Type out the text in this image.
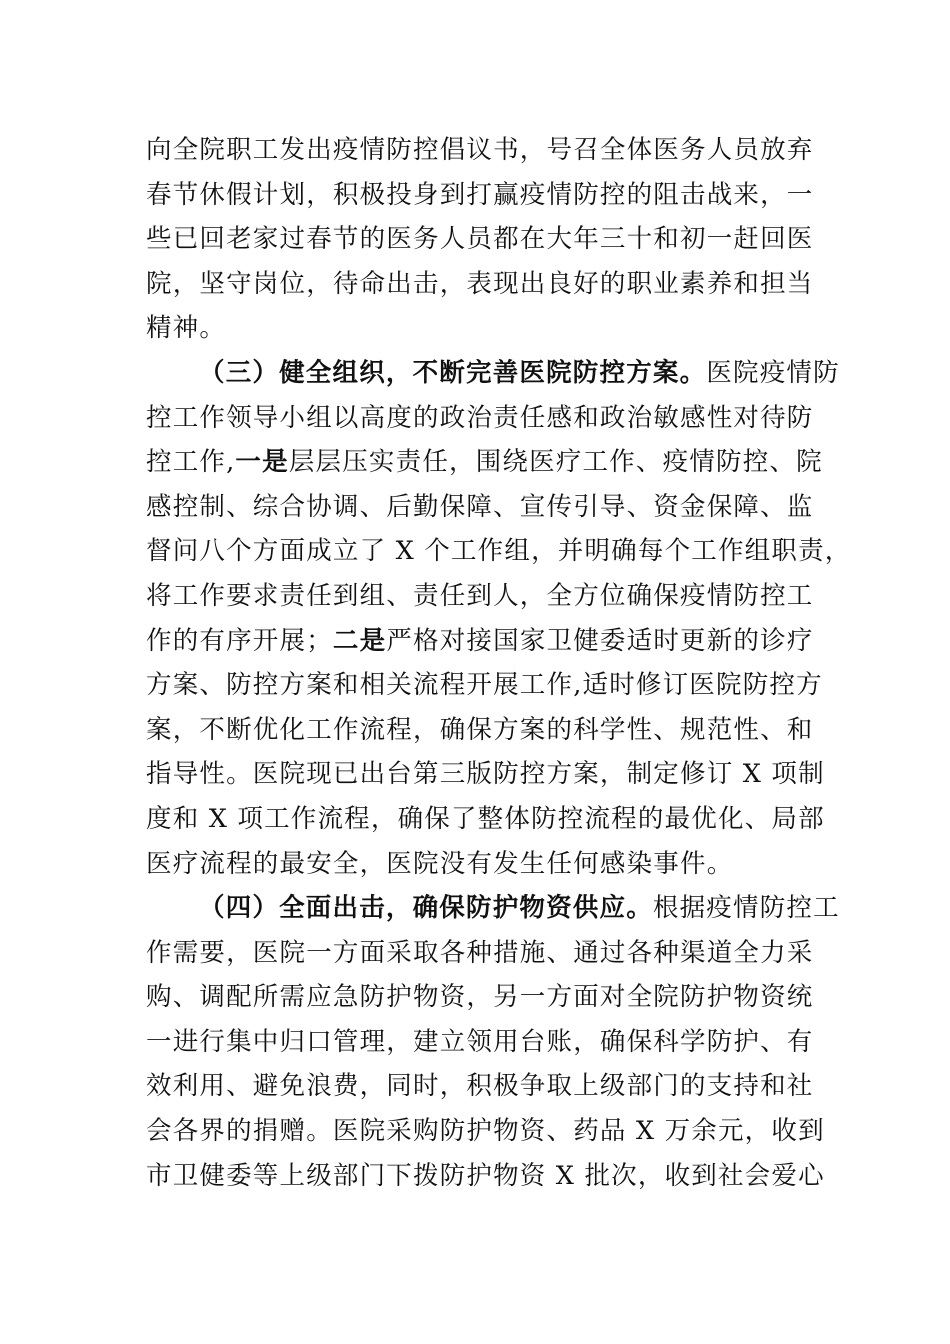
向全院职工发出疫情防控倡议书，号召全体医务人员放弃
春节休假计划，积极投身到打赢疫情防控的阻击战来，一
些已回老家过春节的医务人员都在大年三十和初一赶回医
院，坚守岗位，待命出击，表现出良好的职业素养和担当
精神。
（三）健全组织，不断完善医院防控方案。医院疫情防
控工作领导小组以高度的政治责任感和政治敏感性对待防
控工作,一是层层压实责任，围绕医疗工作、疫情防控、院
感控制、综合协调、后勤保障、宣传引导、资金保障、监
督问八个方面成立了 X 个工作组，并明确每个工作组职责，
将工作要求责任到组、责任到人，全方位确保疫情防控工
作的有序开展；二是严格对接国家卫健委适时更新的诊疗
方案、防控方案和相关流程开展工作,适时修订医院防控方
案，不断优化工作流程，确保方案的科学性、规范性、和
指导性。医院现已出台第三版防控方案，制定修订 X 项制
度和 X 项工作流程，确保了整体防控流程的最优化、局部
医疗流程的最安全，医院没有发生任何感染事件。
（四）全面出击，确保防护物资供应。根据疫情防控工
作需要，医院一方面采取各种措施、通过各种渠道全力采
购、调配所需应急防护物资，另一方面对全院防护物资统
一进行集中归口管理，建立领用台账，确保科学防护、有
效利用、避免浪费，同时，积极争取上级部门的支持和社
会各界的捐赠。医院采购防护物资、药品 X 万余元，收到
市卫健委等上级部门下拨防护物资 X 批次，收到社会爱心
